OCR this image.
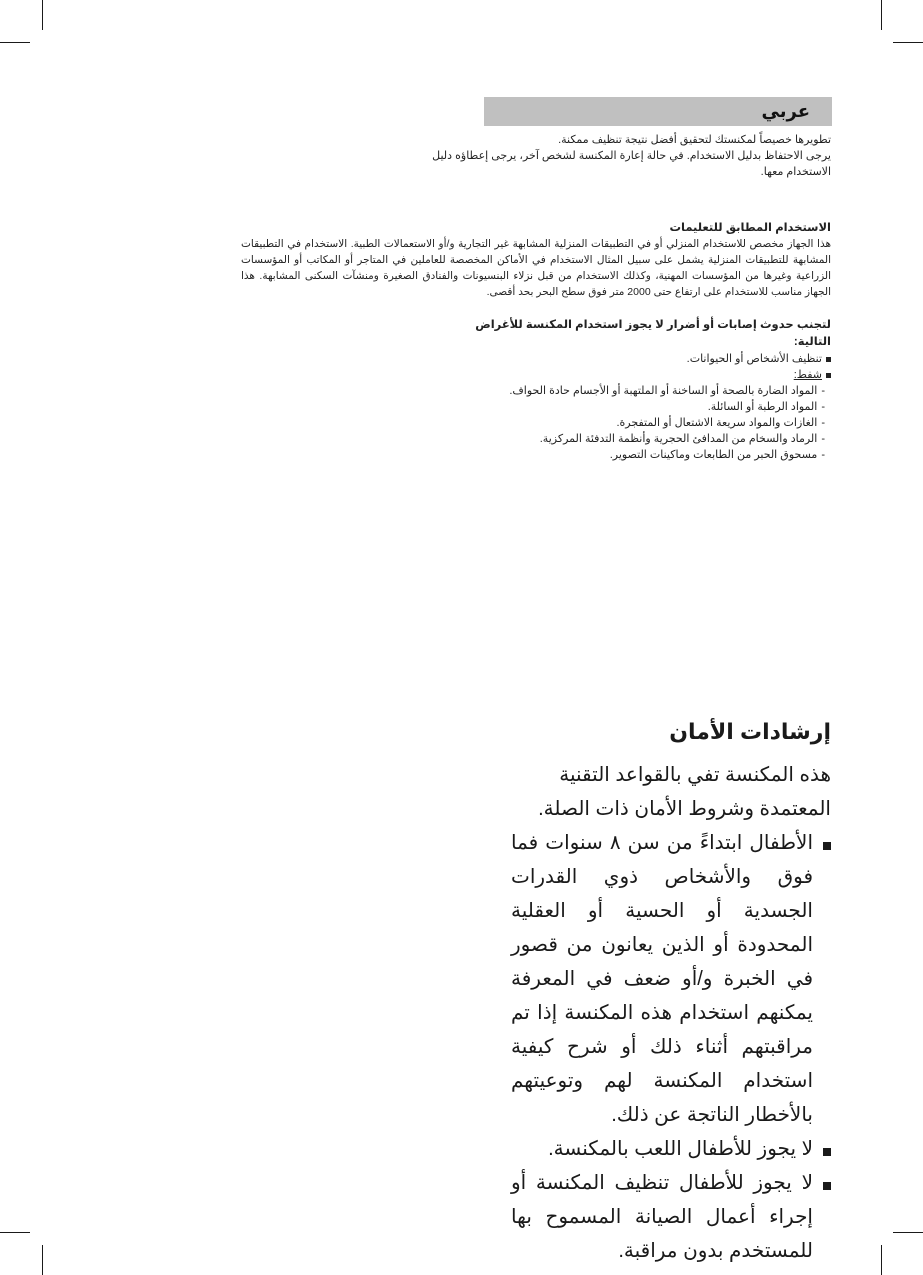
عربي

تطويرها خصيصاً لمكنستك لتحقيق أفضل نتيجة تنظيف ممكنة.

يرجى الاحتفاظ بدليل الاستخدام. في حالة إعارة المكنسة لشخص آخر، يرجى إعطاؤه دليل الاستخدام معها.

الاستخدام المطابق للتعليمات

هذا الجهاز مخصص للاستخدام المنزلي أو في التطبيقات المنزلية المشابهة غير التجارية و/أو الاستعمالات الطبية. الاستخدام في التطبيقات المشابهة للتطبيقات المنزلية يشمل على سبيل المثال الاستخدام في الأماكن المخصصة للعاملين في المتاجر أو المكاتب أو المؤسسات الزراعية وغيرها من المؤسسات المهنية، وكذلك الاستخدام من قبل نزلاء البنسيونات والفنادق الصغيرة ومنشآت السكنى المشابهة. هذا الجهاز مناسب للاستخدام على ارتفاع حتى 2000 متر فوق سطح البحر بحد أقصى.

لتجنب حدوث إصابات أو أضرار لا يجوز استخدام المكنسة للأغراض التالية:

تنظيف الأشخاص أو الحيوانات.
شفط:
-المواد الضارة بالصحة أو الساخنة أو الملتهبة أو الأجسام حادة الحواف.
-المواد الرطبة أو السائلة.
-الغازات والمواد سريعة الاشتعال أو المتفجرة.
-الرماد والسخام من المدافئ الحجرية وأنظمة التدفئة المركزية.
-مسحوق الحبر من الطابعات وماكينات التصوير.
إرشادات الأمان

هذه المكنسة تفي بالقواعد التقنية المعتمدة وشروط الأمان ذات الصلة.

الأطفال ابتداءً من سن ٨ سنوات فما فوق والأشخاص ذوي القدرات الجسدية أو الحسية أو العقلية المحدودة أو الذين يعانون من قصور في الخبرة و/أو ضعف في المعرفة يمكنهم استخدام هذه المكنسة إذا تم مراقبتهم أثناء ذلك أو شرح كيفية استخدام المكنسة لهم وتوعيتهم بالأخطار الناتجة عن ذلك.
لا يجوز للأطفال اللعب بالمكنسة.
لا يجوز للأطفال تنظيف المكنسة أو إجراء أعمال الصيانة المسموح بها للمستخدم بدون مراقبة.
